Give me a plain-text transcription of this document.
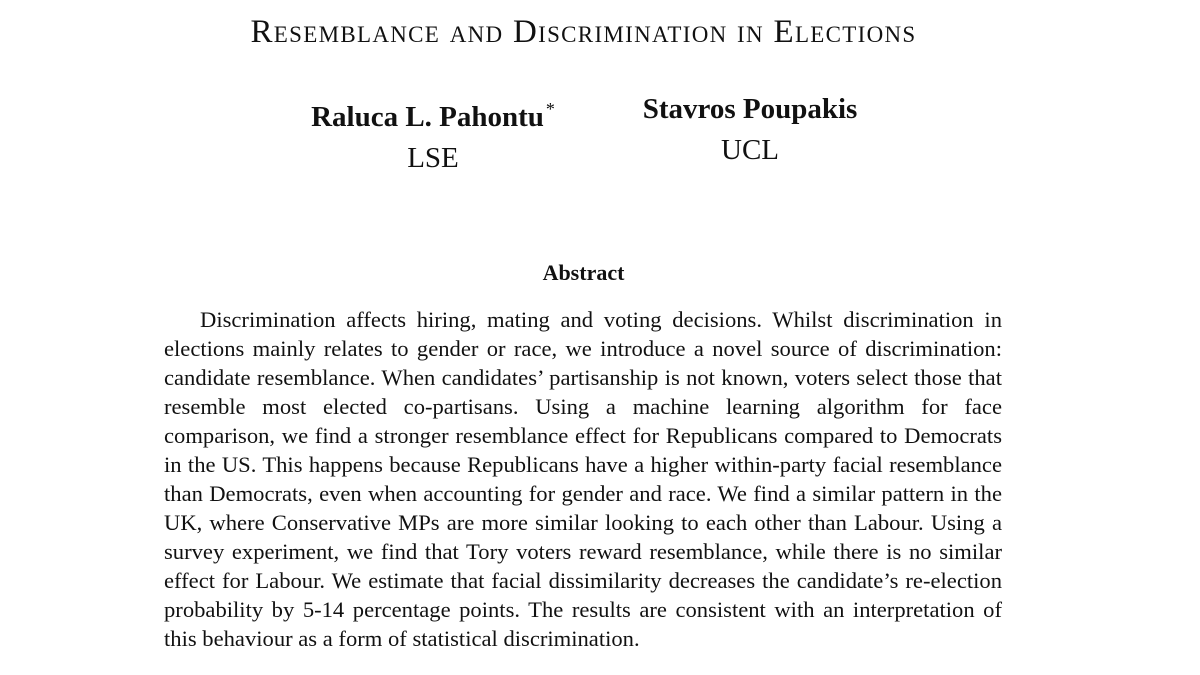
Resemblance and Discrimination in Elections
Raluca L. Pahontu *
LSE
Stavros Poupakis
UCL
Abstract

Discrimination affects hiring, mating and voting decisions. Whilst discrimination in elections mainly relates to gender or race, we introduce a novel source of discrimination: candidate resemblance. When candidates’ partisanship is not known, voters select those that resemble most elected co-partisans. Using a machine learning algorithm for face comparison, we find a stronger resemblance effect for Republicans compared to Democrats in the US. This happens because Republicans have a higher within-party facial resemblance than Democrats, even when accounting for gender and race. We find a similar pattern in the UK, where Conservative MPs are more similar looking to each other than Labour. Using a survey experiment, we find that Tory voters reward resemblance, while there is no similar effect for Labour. We estimate that facial dissimilarity decreases the candidate’s re-election probability by 5-14 percentage points. The results are consistent with an interpretation of this behaviour as a form of statistical discrimination.
